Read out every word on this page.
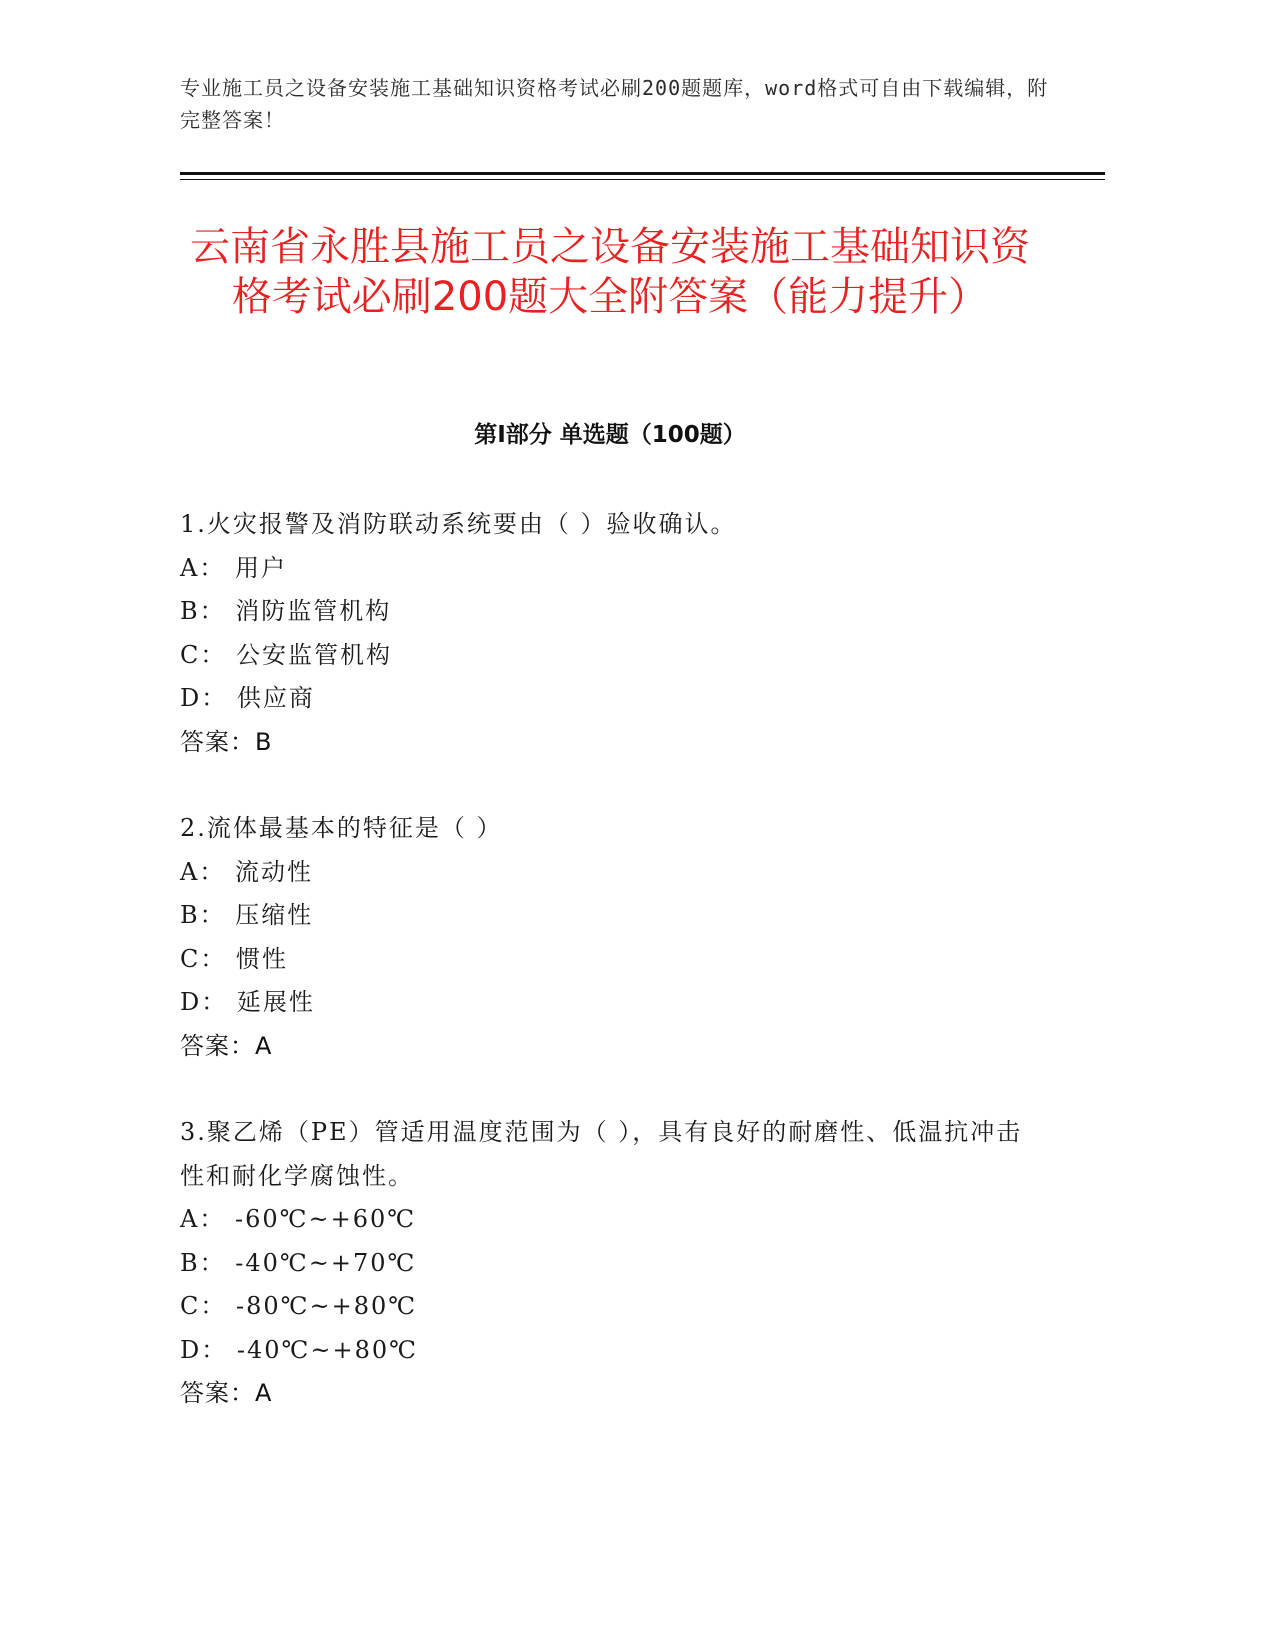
专业施工员之设备安装施工基础知识资格考试必刷200题题库，word格式可自由下载编辑，附完整答案！
云南省永胜县施工员之设备安装施工基础知识资格考试必刷200题大全附答案（能力提升）
第I部分 单选题（100题）
1.火灾报警及消防联动系统要由（ ）验收确认。
A： 用户
B： 消防监管机构
C： 公安监管机构
D： 供应商
答案：B
2.流体最基本的特征是（ ）
A： 流动性
B： 压缩性
C： 惯性
D： 延展性
答案：A
3.聚乙烯（PE）管适用温度范围为（ ），具有良好的耐磨性、低温抗冲击性和耐化学腐蚀性。
A： -60℃~+60℃
B： -40℃~+70℃
C： -80℃~+80℃
D： -40℃~+80℃
答案：A
